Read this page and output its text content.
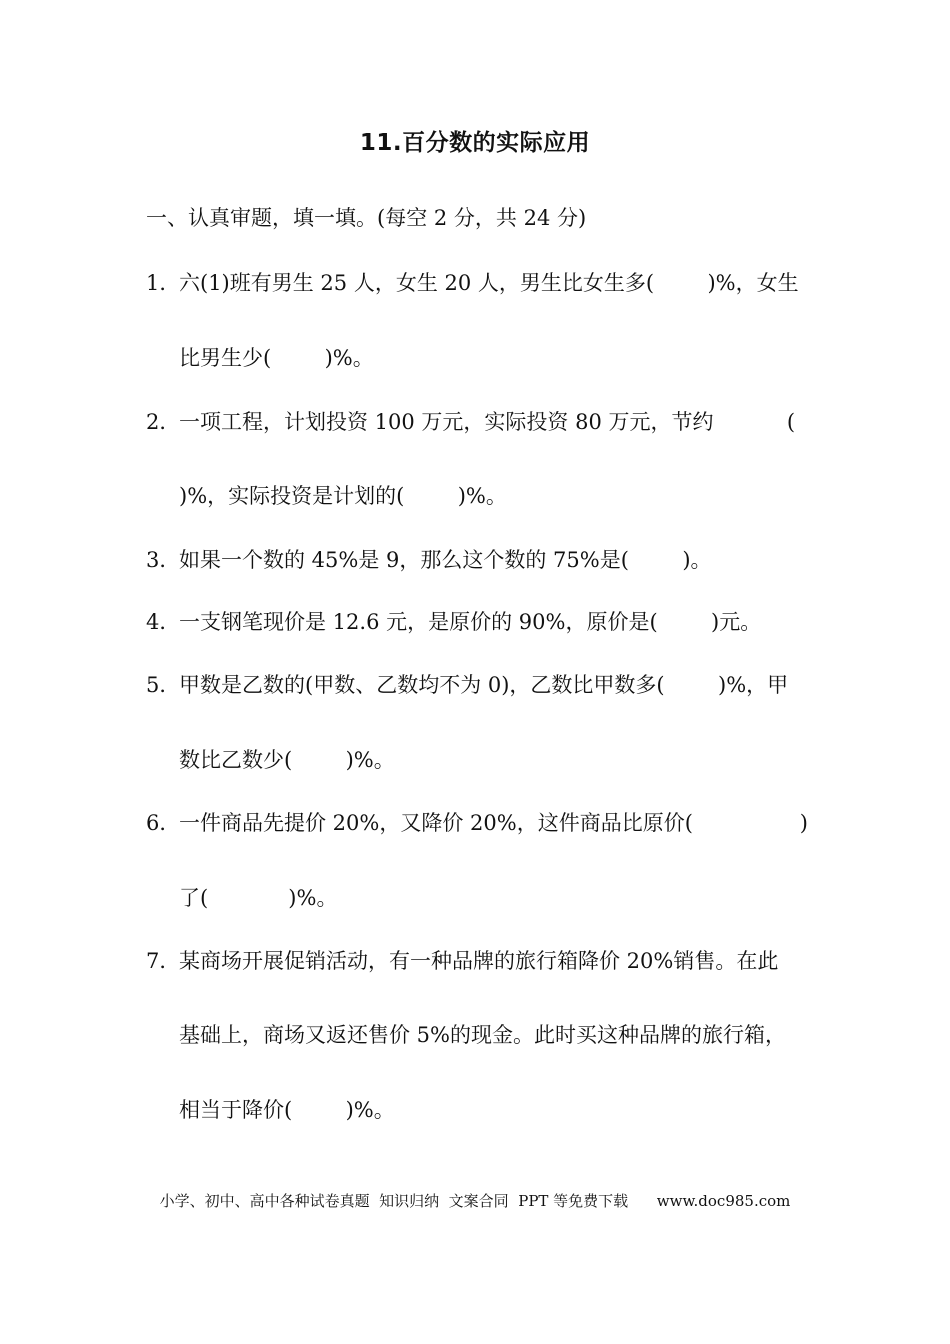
11.百分数的实际应用
一、认真审题，填一填。(每空 2 分，共 24 分)
1．
六(1)班有男生 25 人，女生 20 人，男生比女生多(        )%，女生
比男生少(        )%。
2．
一项工程，计划投资 100 万元，实际投资 80 万元，节约           (
)%，实际投资是计划的(        )%。
3．
如果一个数的 45%是 9，那么这个数的 75%是(        )。
4．
一支钢笔现价是 12.6 元，是原价的 90%，原价是(        )元。
5．
甲数是乙数的(甲数、乙数均不为 0)，乙数比甲数多(        )%，甲
数比乙数少(        )%。
6．
一件商品先提价 20%，又降价 20%，这件商品比原价(                )
了(            )%。
7．
某商场开展促销活动，有一种品牌的旅行箱降价 20%销售。在此
基础上，商场又返还售价 5%的现金。此时买这种品牌的旅行箱，
相当于降价(        )%。
小学、初中、高中各种试卷真题  知识归纳  文案合同  PPT 等免费下载      www.doc985.com
